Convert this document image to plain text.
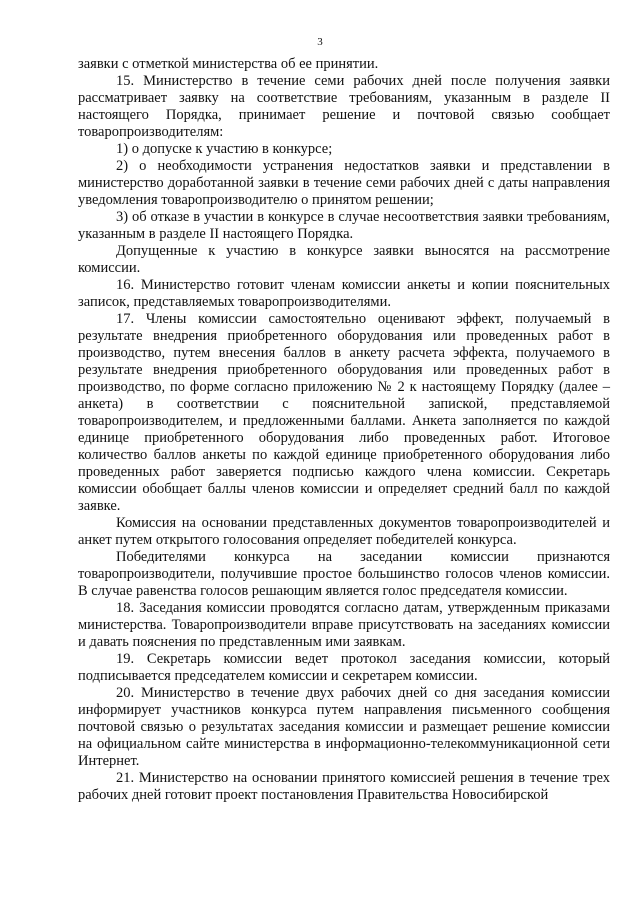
3

заявки с отметкой министерства об ее принятии.

15. Министерство в течение семи рабочих дней после получения заявки рассматривает заявку на соответствие требованиям, указанным в разделе II настоящего Порядка, принимает решение и почтовой связью сообщает товаропроизводителям:

1) о допуске к участию в конкурсе;

2) о необходимости устранения недостатков заявки и представлении в министерство доработанной заявки в течение семи рабочих дней с даты направления уведомления товаропроизводителю о принятом решении;

3) об отказе в участии в конкурсе в случае несоответствия заявки требованиям, указанным в разделе II настоящего Порядка.

Допущенные к участию в конкурсе заявки выносятся на рассмотрение комиссии.

16. Министерство готовит членам комиссии анкеты и копии пояснительных записок, представляемых товаропроизводителями.

17. Члены комиссии самостоятельно оценивают эффект, получаемый в результате внедрения приобретенного оборудования или проведенных работ в производство, путем внесения баллов в анкету расчета эффекта, получаемого в результате внедрения приобретенного оборудования или проведенных работ в производство, по форме согласно приложению № 2 к настоящему Порядку (далее – анкета) в соответствии с пояснительной запиской, представляемой товаропроизводителем, и предложенными баллами. Анкета заполняется по каждой единице приобретенного оборудования либо проведенных работ. Итоговое количество баллов анкеты по каждой единице приобретенного оборудования либо проведенных работ заверяется подписью каждого члена комиссии. Секретарь комиссии обобщает баллы членов комиссии и определяет средний балл по каждой заявке.

Комиссия на основании представленных документов товаропроизводителей и анкет путем открытого голосования определяет победителей конкурса.

Победителями конкурса на заседании комиссии признаются товаропроизводители, получившие простое большинство голосов членов комиссии. В случае равенства голосов решающим является голос председателя комиссии.

18. Заседания комиссии проводятся согласно датам, утвержденным приказами министерства. Товаропроизводители вправе присутствовать на заседаниях комиссии и давать пояснения по представленным ими заявкам.

19. Секретарь комиссии ведет протокол заседания комиссии, который подписывается председателем комиссии и секретарем комиссии.

20. Министерство в течение двух рабочих дней со дня заседания комиссии информирует участников конкурса путем направления письменного сообщения почтовой связью о результатах заседания комиссии и размещает решение комиссии на официальном сайте министерства в информационно-телекоммуникационной сети Интернет.

21. Министерство на основании принятого комиссией решения в течение трех рабочих дней готовит проект постановления Правительства Новосибирской
